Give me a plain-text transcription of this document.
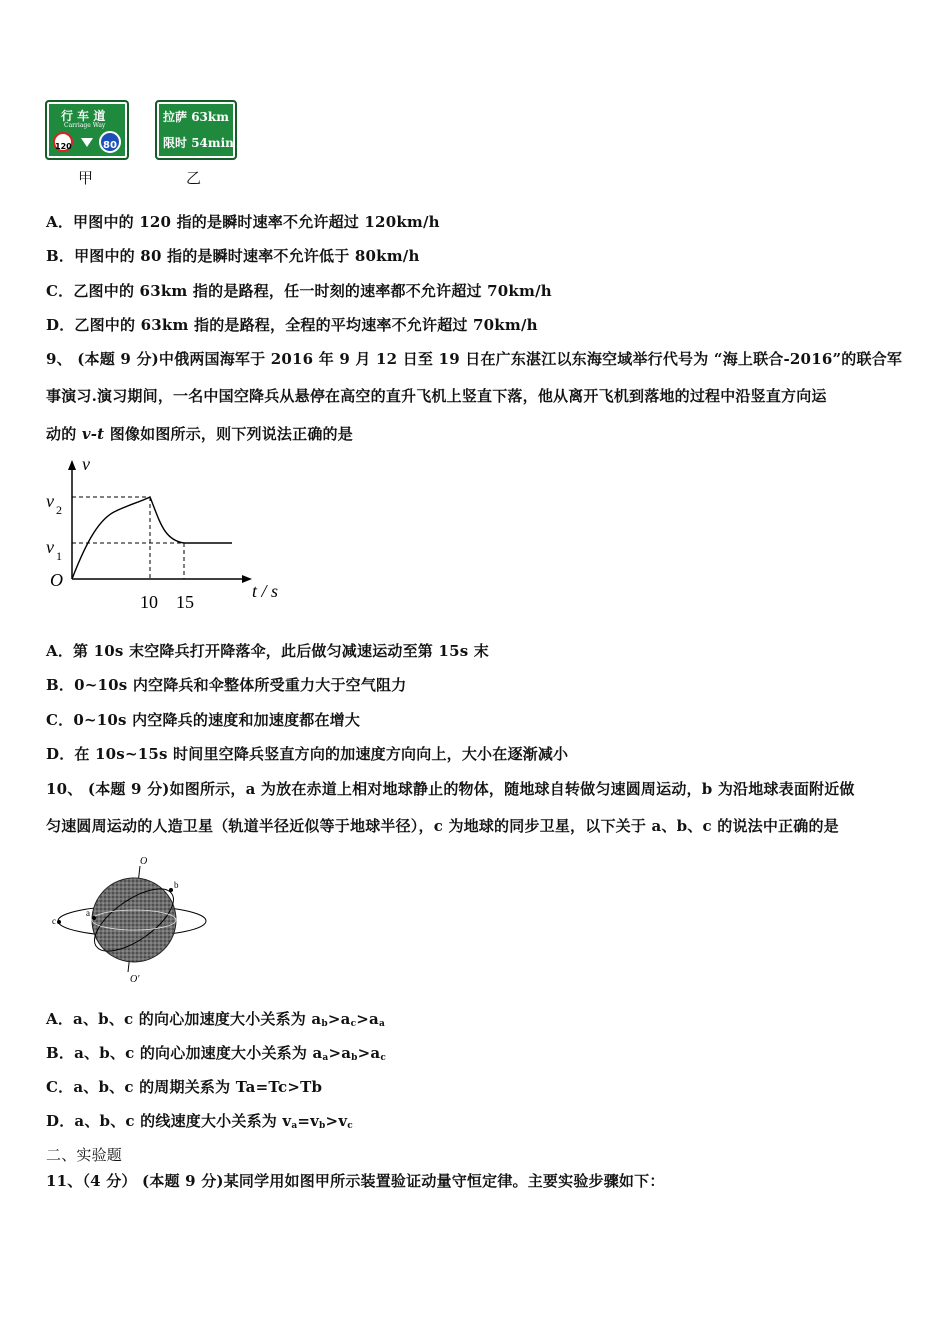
行 车 道
Carriage Way
120	80
甲
拉萨 63km
限时 54min
乙
A．甲图中的 120 指的是瞬时速率不允许超过 120km/h
B．甲图中的 80 指的是瞬时速率不允许低于 80km/h
C．乙图中的 63km 指的是路程，任一时刻的速率都不允许超过 70km/h
D．乙图中的 63km 指的是路程，全程的平均速率不允许超过 70km/h
9、 (本题 9 分)中俄两国海军于 2016 年 9 月 12 日至 19 日在广东湛江以东海空域举行代号为 “海上联合-2016”的联合军
事演习.演习期间，一名中国空降兵从悬停在高空的直升飞机上竖直下落，他从离开飞机到落地的过程中沿竖直方向运
动的 v-t 图像如图所示，则下列说法正确的是
v
v 2
v 1
O
t / s
10 15
A．第 10s 末空降兵打开降落伞，此后做匀减速运动至第 15s 末
B．0~10s 内空降兵和伞整体所受重力大于空气阻力
C．0~10s 内空降兵的速度和加速度都在增大
D．在 10s~15s 时间里空降兵竖直方向的加速度方向向上，大小在逐渐减小
10、 (本题 9 分)如图所示，a 为放在赤道上相对地球静止的物体，随地球自转做匀速圆周运动，b 为沿地球表面附近做
匀速圆周运动的人造卫星（轨道半径近似等于地球半径），c 为地球的同步卫星，以下关于 a、b、c 的说法中正确的是
O
O'
a
b
c
A．a、b、c 的向心加速度大小关系为 $a_b>a_c>a_a$
B．a、b、c 的向心加速度大小关系为 $a_a>a_b>a_c$
C．a、b、c 的周期关系为 Ta=Tc>Tb
D．a、b、c 的线速度大小关系为 $v_a=v_b>v_c$
二、实验题
11、（4 分） (本题 9 分)某同学用如图甲所示装置验证动量守恒定律。主要实验步骤如下：
